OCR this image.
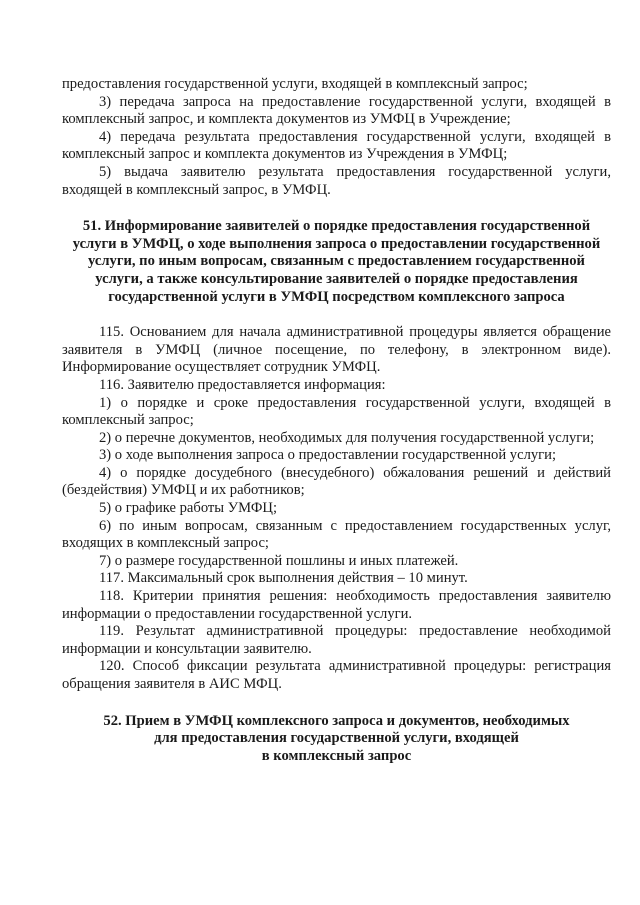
предоставления государственной услуги, входящей в комплексный запрос;

3) передача запроса на предоставление государственной услуги, входящей в комплексный запрос, и комплекта документов из УМФЦ в Учреждение;

4) передача результата предоставления государственной услуги, входящей в комплексный запрос и комплекта документов из Учреждения в УМФЦ;

5) выдача заявителю результата предоставления государственной услуги, входящей в комплексный запрос, в УМФЦ.

51. Информирование заявителей о порядке предоставления государственной услуги в УМФЦ, о ходе выполнения запроса о предоставлении государственной услуги, по иным вопросам, связанным с предоставлением государственной услуги, а также консультирование заявителей о порядке предоставления государственной услуги в УМФЦ посредством комплексного запроса

115. Основанием для начала административной процедуры является обращение заявителя в УМФЦ (личное посещение, по телефону, в электронном виде). Информирование осуществляет сотрудник УМФЦ.

116. Заявителю предоставляется информация:

1) о порядке и сроке предоставления государственной услуги, входящей в комплексный запрос;

2) о перечне документов, необходимых для получения государственной услуги;

3) о ходе выполнения запроса о предоставлении государственной услуги;

4) о порядке досудебного (внесудебного) обжалования решений и действий (бездействия) УМФЦ и их работников;

5) о графике работы УМФЦ;

6) по иным вопросам, связанным с предоставлением государственных услуг, входящих в комплексный запрос;

7) о размере государственной пошлины и иных платежей.

117. Максимальный срок выполнения действия – 10 минут.

118. Критерии принятия решения: необходимость предоставления заявителю информации о предоставлении государственной услуги.

119. Результат административной процедуры: предоставление необходимой информации и консультации заявителю.

120. Способ фиксации результата административной процедуры: регистрация обращения заявителя в АИС МФЦ.

52. Прием в УМФЦ комплексного запроса и документов, необходимых
для предоставления государственной услуги, входящей
в комплексный запрос
